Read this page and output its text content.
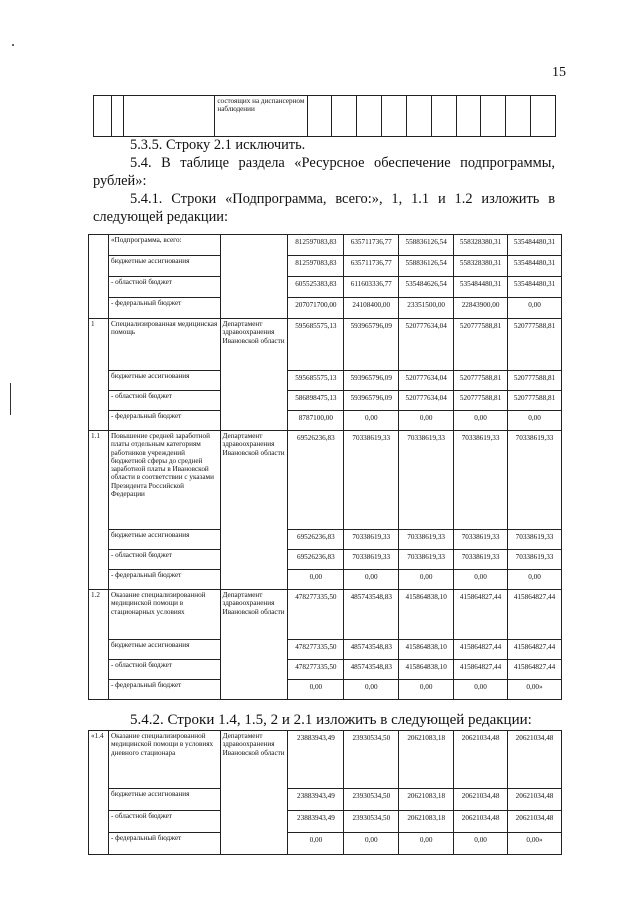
15
			состоящих на диспансерном наблюдении										

5.3.5. Строку 2.1 исключить.

5.4. В таблице раздела «Ресурсное обеспечение подпрограммы,

рублей»:

5.4.1. Строки «Подпрограмма, всего:», 1, 1.1 и 1.2 изложить в

следующей редакции:

	«Подпрограмма, всего:		812597083,83	635711736,77	558836126,54	558328380,31	535484480,31
	бюджетные ассигнования		812597083,83	635711736,77	558836126,54	558328380,31	535484480,31
	- областной бюджет		605525383,83	611603336,77	535484626,54	535484480,31	535484480,31
	- федеральный бюджет		207071700,00	24108400,00	23351500,00	22843900,00	0,00
1	Специализированная медицинская помощь	Департамент здравоохранения Ивановской области	595685575,13	593965796,09	520777634,04	520777588,81	520777588,81
	бюджетные ассигнования		595685575,13	593965796,09	520777634,04	520777588,81	520777588,81
	- областной бюджет		586898475,13	593965796,09	520777634,04	520777588,81	520777588,81
	- федеральный бюджет		8787100,00	0,00	0,00	0,00	0,00
1.1	Повышение средней заработной платы отдельным категориям работников учреждений бюджетной сферы до средней заработной платы в Ивановской области в соответствии с указами Президента Российской Федерации	Департамент здравоохранения Ивановской области	69526236,83	70338619,33	70338619,33	70338619,33	70338619,33
	бюджетные ассигнования		69526236,83	70338619,33	70338619,33	70338619,33	70338619,33
	- областной бюджет		69526236,83	70338619,33	70338619,33	70338619,33	70338619,33
	- федеральный бюджет		0,00	0,00	0,00	0,00	0,00
1.2	Оказание специализированной медицинской помощи в стационарных условиях	Департамент здравоохранения Ивановской области	478277335,50	485743548,83	415864838,10	415864827,44	415864827,44
	бюджетные ассигнования		478277335,50	485743548,83	415864838,10	415864827,44	415864827,44
	- областной бюджет		478277335,50	485743548,83	415864838,10	415864827,44	415864827,44
	- федеральный бюджет		0,00	0,00	0,00	0,00	0,00»

5.4.2. Строки 1.4, 1.5, 2 и 2.1 изложить в следующей редакции:

«1.4	Оказание специализированной медицинской помощи в условиях дневного стационара	Департамент здравоохранения Ивановской области	23883943,49	23930534,50	20621083,18	20621034,48	20621034,48
	бюджетные ассигнования		23883943,49	23930534,50	20621083,18	20621034,48	20621034,48
	- областной бюджет		23883943,49	23930534,50	20621083,18	20621034,48	20621034,48
	- федеральный бюджет		0,00	0,00	0,00	0,00	0,00»
